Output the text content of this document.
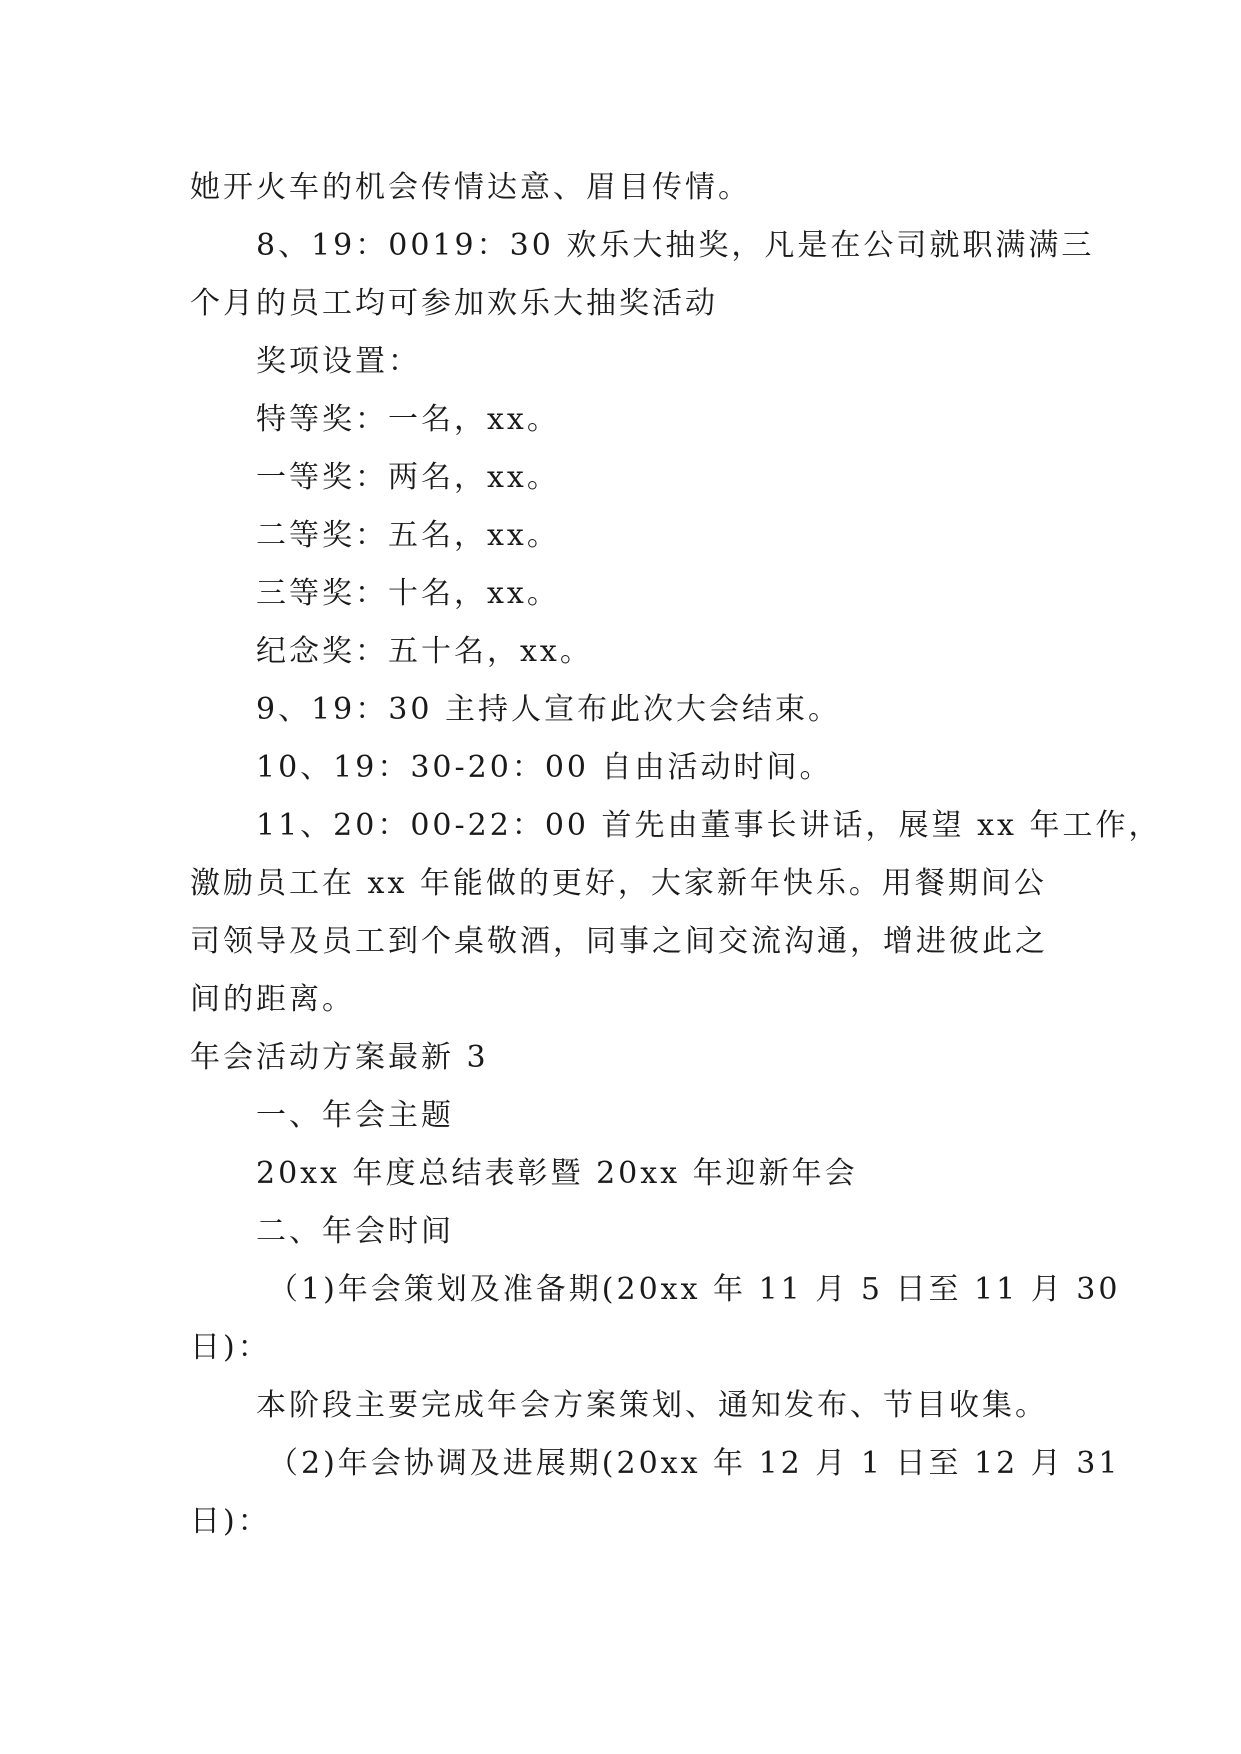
她开火车的机会传情达意、眉目传情。
8、19：0019：30 欢乐大抽奖，凡是在公司就职满满三
个月的员工均可参加欢乐大抽奖活动
奖项设置：
特等奖：一名，xx。
一等奖：两名，xx。
二等奖：五名，xx。
三等奖：十名，xx。
纪念奖：五十名，xx。
9、19：30 主持人宣布此次大会结束。
10、19：30-20：00 自由活动时间。
11、20：00-22：00 首先由董事长讲话，展望 xx 年工作，
激励员工在 xx 年能做的更好，大家新年快乐。用餐期间公
司领导及员工到个桌敬酒，同事之间交流沟通，增进彼此之
间的距离。
年会活动方案最新 3
一、年会主题
20xx 年度总结表彰暨 20xx 年迎新年会
二、年会时间
（1)年会策划及准备期(20xx 年 11 月 5 日至 11 月 30
日)：
本阶段主要完成年会方案策划、通知发布、节目收集。
（2)年会协调及进展期(20xx 年 12 月 1 日至 12 月 31
日)：
